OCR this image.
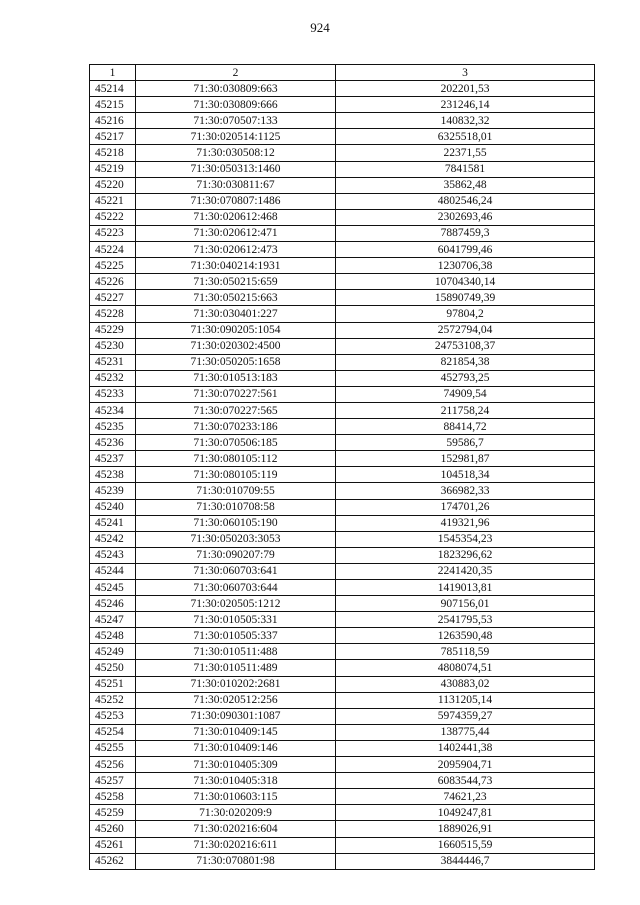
924
1	2	3
45214	71:30:030809:663	202201,53
45215	71:30:030809:666	231246,14
45216	71:30:070507:133	140832,32
45217	71:30:020514:1125	6325518,01
45218	71:30:030508:12	22371,55
45219	71:30:050313:1460	7841581
45220	71:30:030811:67	35862,48
45221	71:30:070807:1486	4802546,24
45222	71:30:020612:468	2302693,46
45223	71:30:020612:471	7887459,3
45224	71:30:020612:473	6041799,46
45225	71:30:040214:1931	1230706,38
45226	71:30:050215:659	10704340,14
45227	71:30:050215:663	15890749,39
45228	71:30:030401:227	97804,2
45229	71:30:090205:1054	2572794,04
45230	71:30:020302:4500	24753108,37
45231	71:30:050205:1658	821854,38
45232	71:30:010513:183	452793,25
45233	71:30:070227:561	74909,54
45234	71:30:070227:565	211758,24
45235	71:30:070233:186	88414,72
45236	71:30:070506:185	59586,7
45237	71:30:080105:112	152981,87
45238	71:30:080105:119	104518,34
45239	71:30:010709:55	366982,33
45240	71:30:010708:58	174701,26
45241	71:30:060105:190	419321,96
45242	71:30:050203:3053	1545354,23
45243	71:30:090207:79	1823296,62
45244	71:30:060703:641	2241420,35
45245	71:30:060703:644	1419013,81
45246	71:30:020505:1212	907156,01
45247	71:30:010505:331	2541795,53
45248	71:30:010505:337	1263590,48
45249	71:30:010511:488	785118,59
45250	71:30:010511:489	4808074,51
45251	71:30:010202:2681	430883,02
45252	71:30:020512:256	1131205,14
45253	71:30:090301:1087	5974359,27
45254	71:30:010409:145	138775,44
45255	71:30:010409:146	1402441,38
45256	71:30:010405:309	2095904,71
45257	71:30:010405:318	6083544,73
45258	71:30:010603:115	74621,23
45259	71:30:020209:9	1049247,81
45260	71:30:020216:604	1889026,91
45261	71:30:020216:611	1660515,59
45262	71:30:070801:98	3844446,7
